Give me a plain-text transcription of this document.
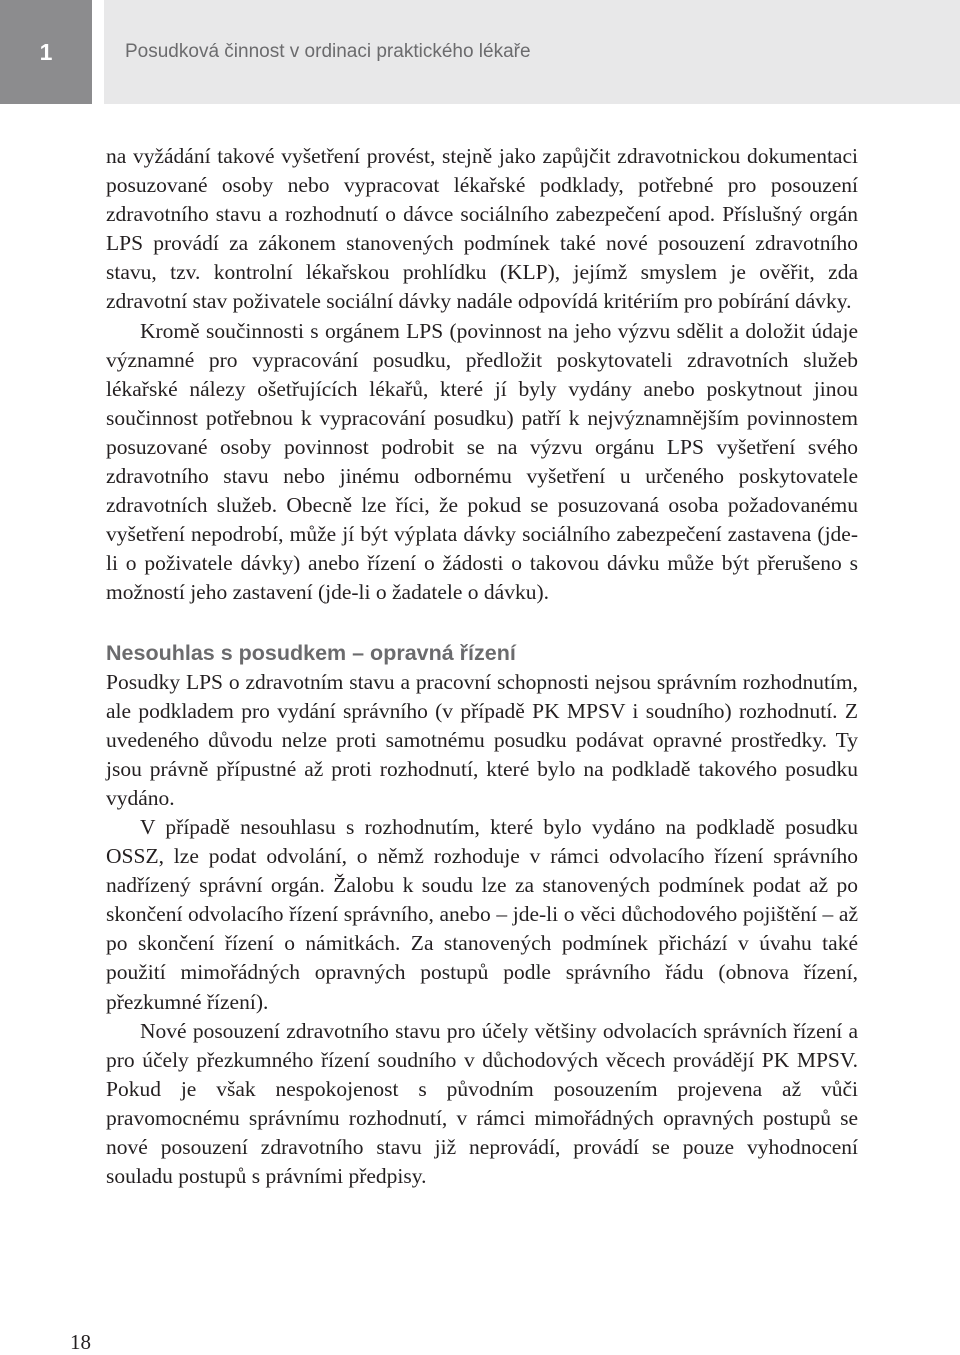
1	Posudková činnost v ordinaci praktického lékaře

na vyžádání takové vyšetření provést, stejně jako zapůjčit zdravotnickou dokumentaci posuzované osoby nebo vypracovat lékařské podklady, potřebné pro posouzení zdravotního stavu a rozhodnutí o dávce sociálního zabezpečení apod. Příslušný orgán LPS provádí za zákonem stanovených podmínek také nové posouzení zdravotního stavu, tzv. kontrolní lékařskou prohlídku (KLP), jejímž smyslem je ověřit, zda zdravotní stav poživatele sociální dávky nadále odpovídá kritériím pro pobírání dávky.

Kromě součinnosti s orgánem LPS (povinnost na jeho výzvu sdělit a doložit údaje významné pro vypracování posudku, předložit poskytovateli zdravotních služeb lékařské nálezy ošetřujících lékařů, které jí byly vydány anebo poskytnout jinou součinnost potřebnou k vypracování posudku) patří k nejvýznamnějším povinnostem posuzované osoby povinnost podrobit se na výzvu orgánu LPS vyšetření svého zdravotního stavu nebo jinému odbornému vyšetření u určeného poskytovatele zdravotních služeb. Obecně lze říci, že pokud se posuzovaná osoba požadovanému vyšetření nepodrobí, může jí být výplata dávky sociálního zabezpečení zastavena (jde-li o poživatele dávky) anebo řízení o žádosti o takovou dávku může být přerušeno s možností jeho zastavení (jde-li o žadatele o dávku).

Nesouhlas s posudkem – opravná řízení

Posudky LPS o zdravotním stavu a pracovní schopnosti nejsou správním rozhodnutím, ale podkladem pro vydání správního (v případě PK MPSV i soudního) rozhodnutí. Z uvedeného důvodu nelze proti samotnému posudku podávat opravné prostředky. Ty jsou právně přípustné až proti rozhodnutí, které bylo na podkladě takového posudku vydáno.

V případě nesouhlasu s rozhodnutím, které bylo vydáno na podkladě posudku OSSZ, lze podat odvolání, o němž rozhoduje v rámci odvolacího řízení správního nadřízený správní orgán. Žalobu k soudu lze za stanovených podmínek podat až po skončení odvolacího řízení správního, anebo – jde-li o věci důchodového pojištění – až po skončení řízení o námitkách. Za stanovených podmínek přichází v úvahu také použití mimořádných opravných postupů podle správního řádu (obnova řízení, přezkumné řízení).

Nové posouzení zdravotního stavu pro účely většiny odvolacích správních řízení a pro účely přezkumného řízení soudního v důchodových věcech provádějí PK MPSV. Pokud je však nespokojenost s původním posouzením projevena až vůči pravomocnému správnímu rozhodnutí, v rámci mimořádných opravných postupů se nové posouzení zdravotního stavu již neprovádí, provádí se pouze vyhodnocení souladu postupů s právními předpisy.

18
